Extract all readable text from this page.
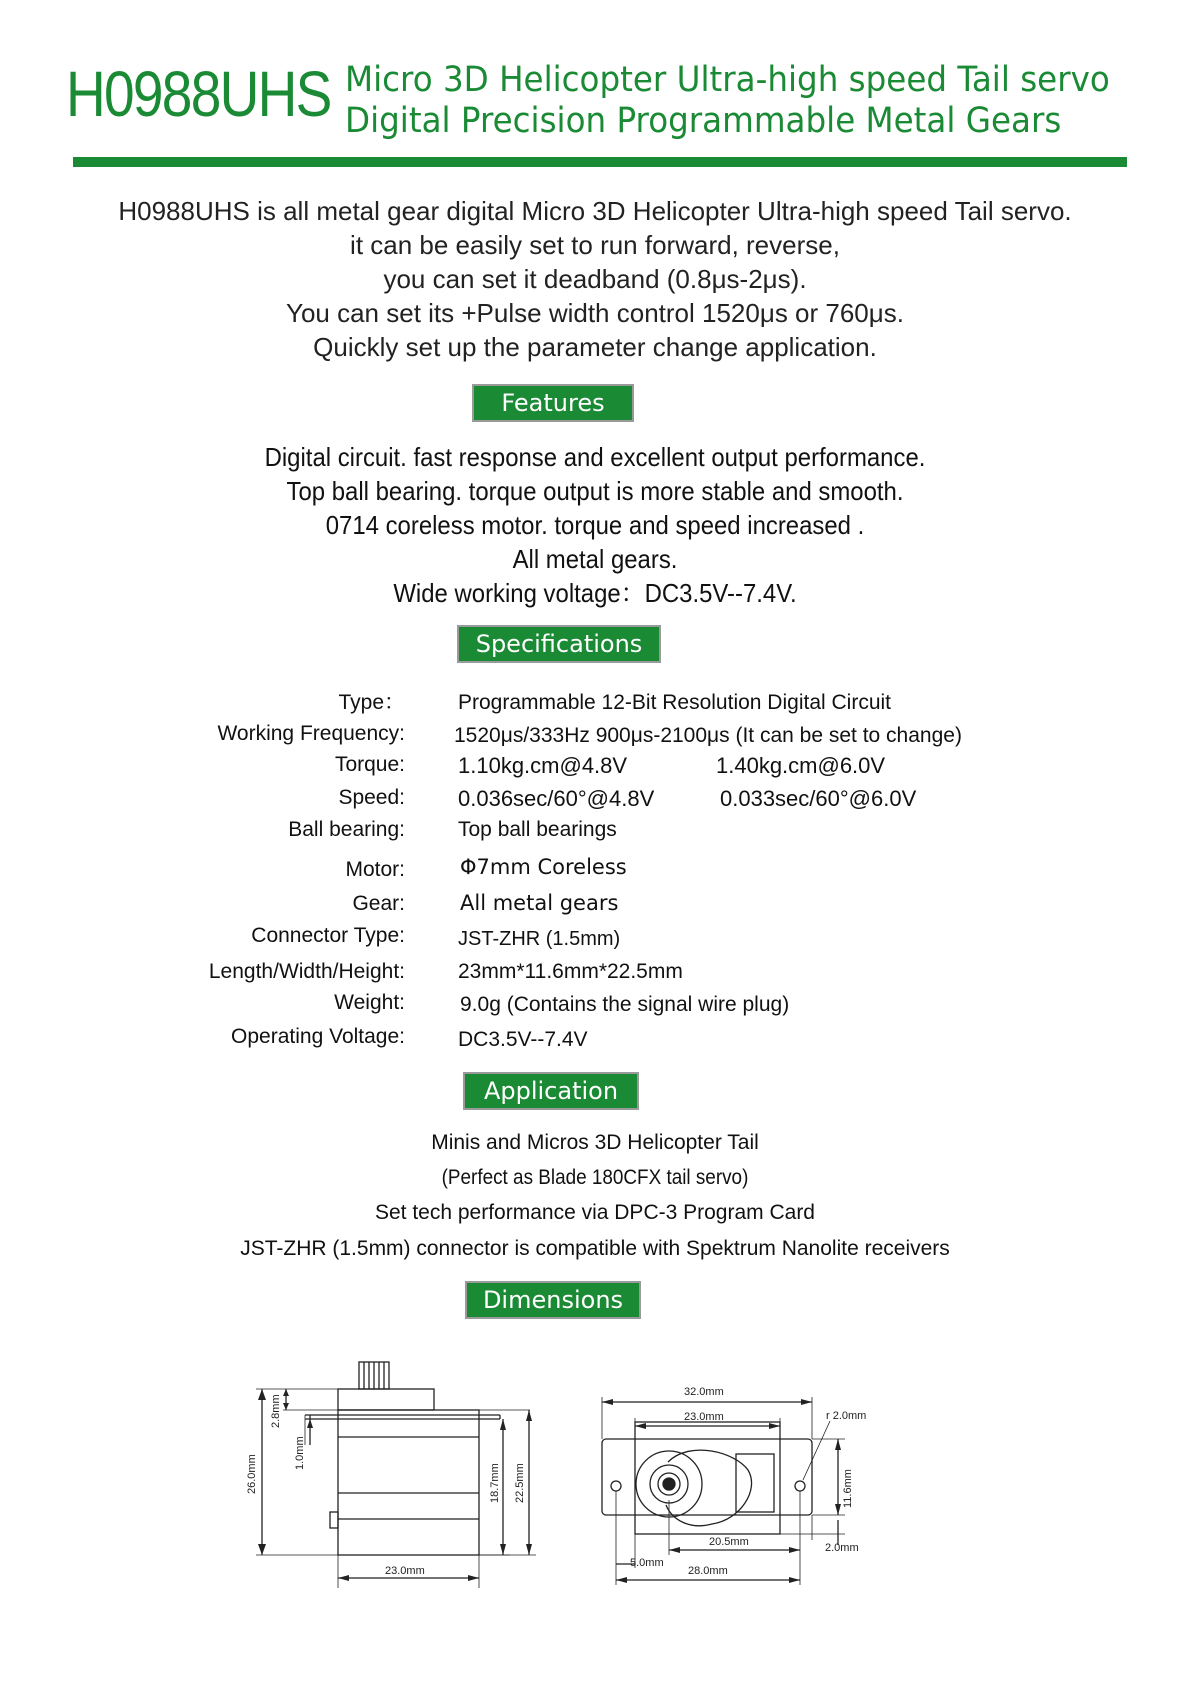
H0988UHS Micro 3D Helicopter Ultra-high speed Tail servo
Digital Precision Programmable Metal Gears
H0988UHS is all metal gear digital Micro 3D Helicopter Ultra-high speed Tail servo.
it can be easily set to run forward, reverse,
you can set it deadband (0.8μs-2μs).
You can set its +Pulse width control 1520μs or 760μs.
Quickly set up the parameter change application.
Features
Digital circuit. fast response and excellent output performance.
Top ball bearing. torque output is more stable and smooth.
0714 coreless motor. torque and speed increased .
All metal gears.
Wide working voltage：DC3.5V--7.4V.
Specifications
Type：	Programmable 12-Bit Resolution Digital Circuit
Working Frequency: 1520μs/333Hz 900μs-2100μs (It can be set to change)
Torque: 1.10kg.cm@4.8V	1.40kg.cm@6.0V
Speed: 0.036sec/60°@4.8V	0.033sec/60°@6.0V
Ball bearing:	Top ball bearings
Motor:	Φ7mm Coreless
Gear:	All metal gears
Connector Type:	JST-ZHR (1.5mm)
Length/Width/Height:	23mm*11.6mm*22.5mm
Weight:	9.0g (Contains the signal wire plug)
Operating Voltage:	DC3.5V--7.4V
Application
Minis and Micros 3D Helicopter Tail
(Perfect as Blade 180CFX tail servo)
Set tech performance via DPC-3 Program Card
JST-ZHR (1.5mm) connector is compatible with Spektrum Nanolite receivers
Dimensions
26.0mm
2.8mm
1.0mm
18.7mm 22.5mm
23.0mm
32.0mm
23.0mm	r 2.0mm
11.6mm
20.5mm	2.0mm
5.0mm
28.0mm
